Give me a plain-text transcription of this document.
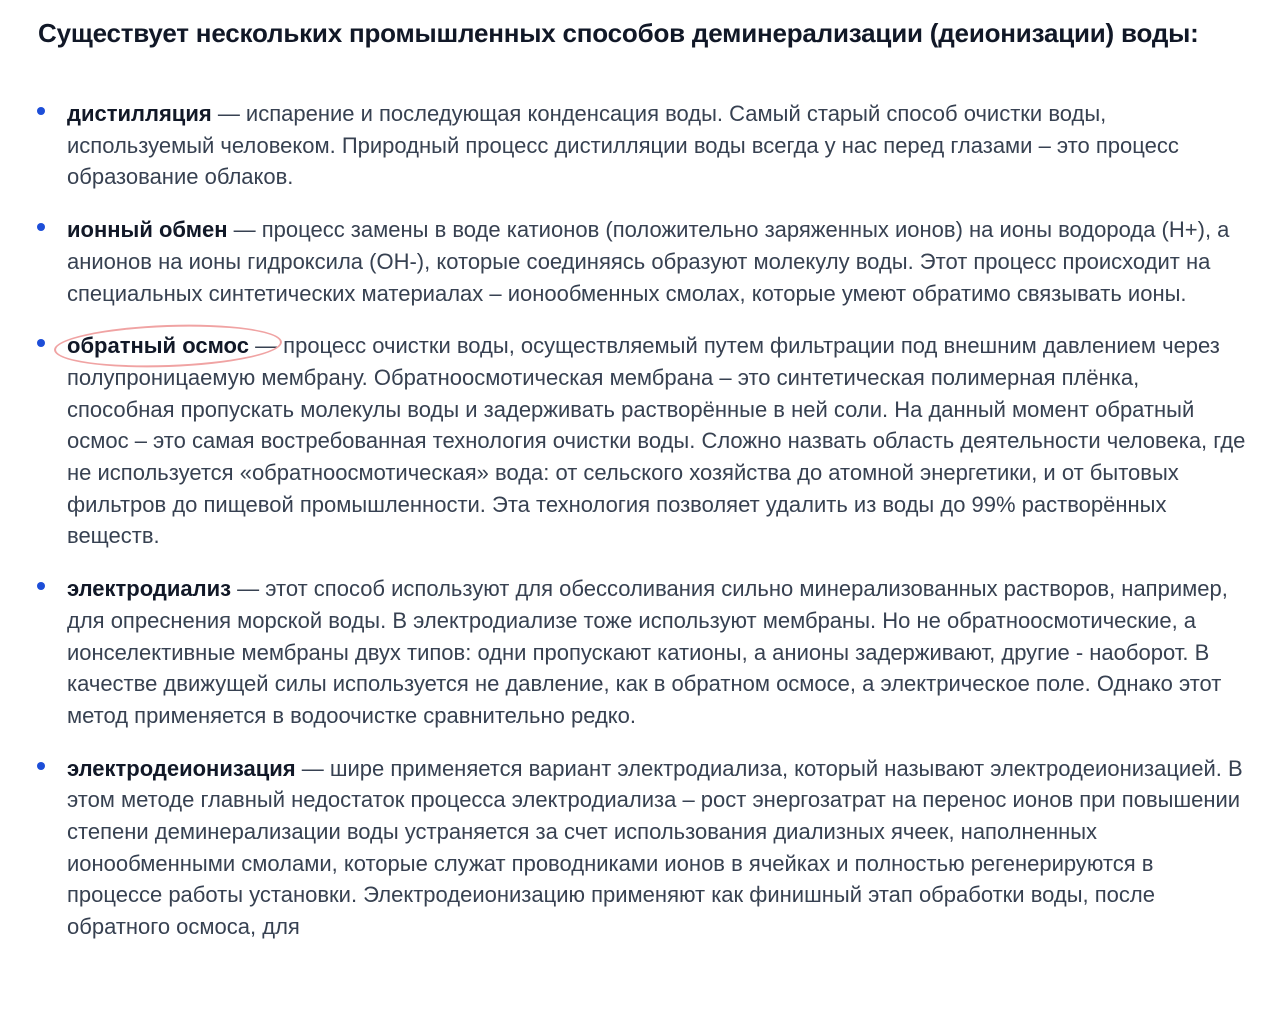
Существует нескольких промышленных способов деминерализации (деионизации) воды:
дистилляция — испарение и последующая конденсация воды. Самый старый способ очистки воды, используемый человеком. Природный процесс дистилляции воды всегда у нас перед глазами – это процесс образование облаков.
ионный обмен — процесс замены в воде катионов (положительно заряженных ионов) на ионы водорода (Н+), а анионов на ионы гидроксила (ОН-), которые соединяясь образуют молекулу воды. Этот процесс происходит на специальных синтетических материалах – ионообменных смолах, которые умеют обратимо связывать ионы.
обратный осмос
— процесс очистки воды, осуществляемый путем фильтрации под внешним давлением через полупроницаемую мембрану. Обратноосмотическая мембрана – это синтетическая полимерная плёнка, способная пропускать молекулы воды и задерживать растворённые в ней соли. На данный момент обратный осмос – это самая востребованная технология очистки воды. Сложно назвать область деятельности человека, где не используется «обратноосмотическая» вода: от сельского хозяйства до атомной энергетики, и от бытовых фильтров до пищевой промышленности. Эта технология позволяет удалить из воды до 99% растворённых веществ.
электродиализ — этот способ используют для обессоливания сильно минерализованных растворов, например, для опреснения морской воды. В электродиализе тоже используют мембраны. Но не обратноосмотические, а ионселективные мембраны двух типов: одни пропускают катионы, а анионы задерживают, другие - наоборот. В качестве движущей силы используется не давление, как в обратном осмосе, а электрическое поле. Однако этот метод применяется в водоочистке сравнительно редко.
электродеионизация — шире применяется вариант электродиализа, который называют электродеионизацией. В этом методе главный недостаток процесса электродиализа – рост энергозатрат на перенос ионов при повышении степени деминерализации воды устраняется за счет использования диализных ячеек, наполненных ионообменными смолами, которые служат проводниками ионов в ячейках и полностью регенерируются в процессе работы установки. Электродеионизацию применяют как финишный этап обработки воды, после обратного осмоса, для
